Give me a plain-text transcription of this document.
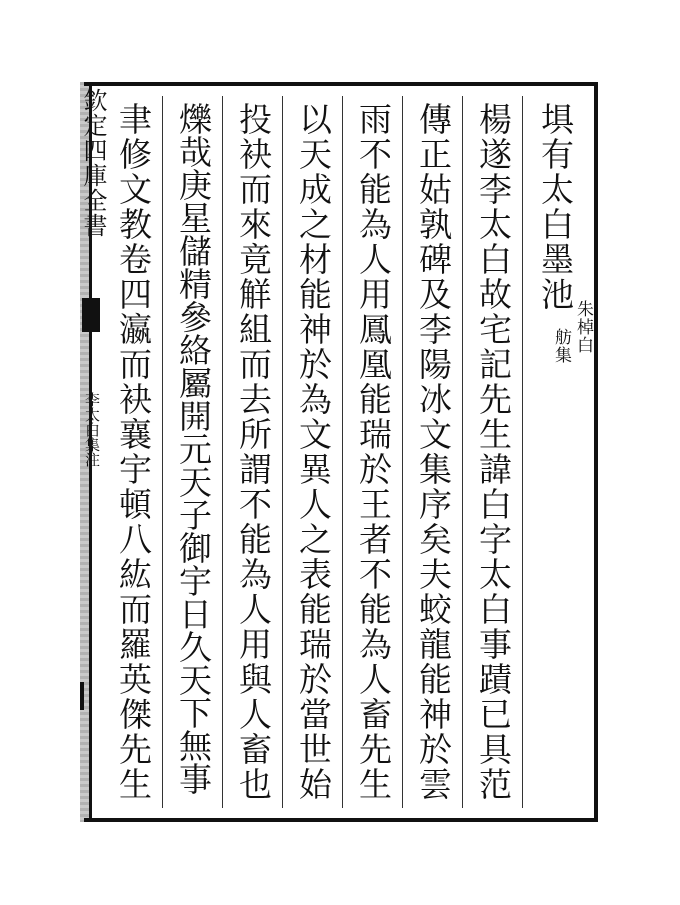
欽定四庫全書
李太白集注
埧有太白墨池
朱棹白
舫集
楊遂李太白故宅記先生諱白字太白事蹟已具范
傳正姑孰碑及李陽冰文集序矣夫蛟龍能神於雲
雨不能為人用鳳凰能瑞於王者不能為人畜先生
以天成之材能神於為文異人之表能瑞於當世始
投袂而來竟觧組而去所謂不能為人用與人畜也
爍哉庚星儲精參絡屬開元天子御宇日久天下無事
聿修文教卷四瀛而袂襄宇頓八紘而羅英傑先生
